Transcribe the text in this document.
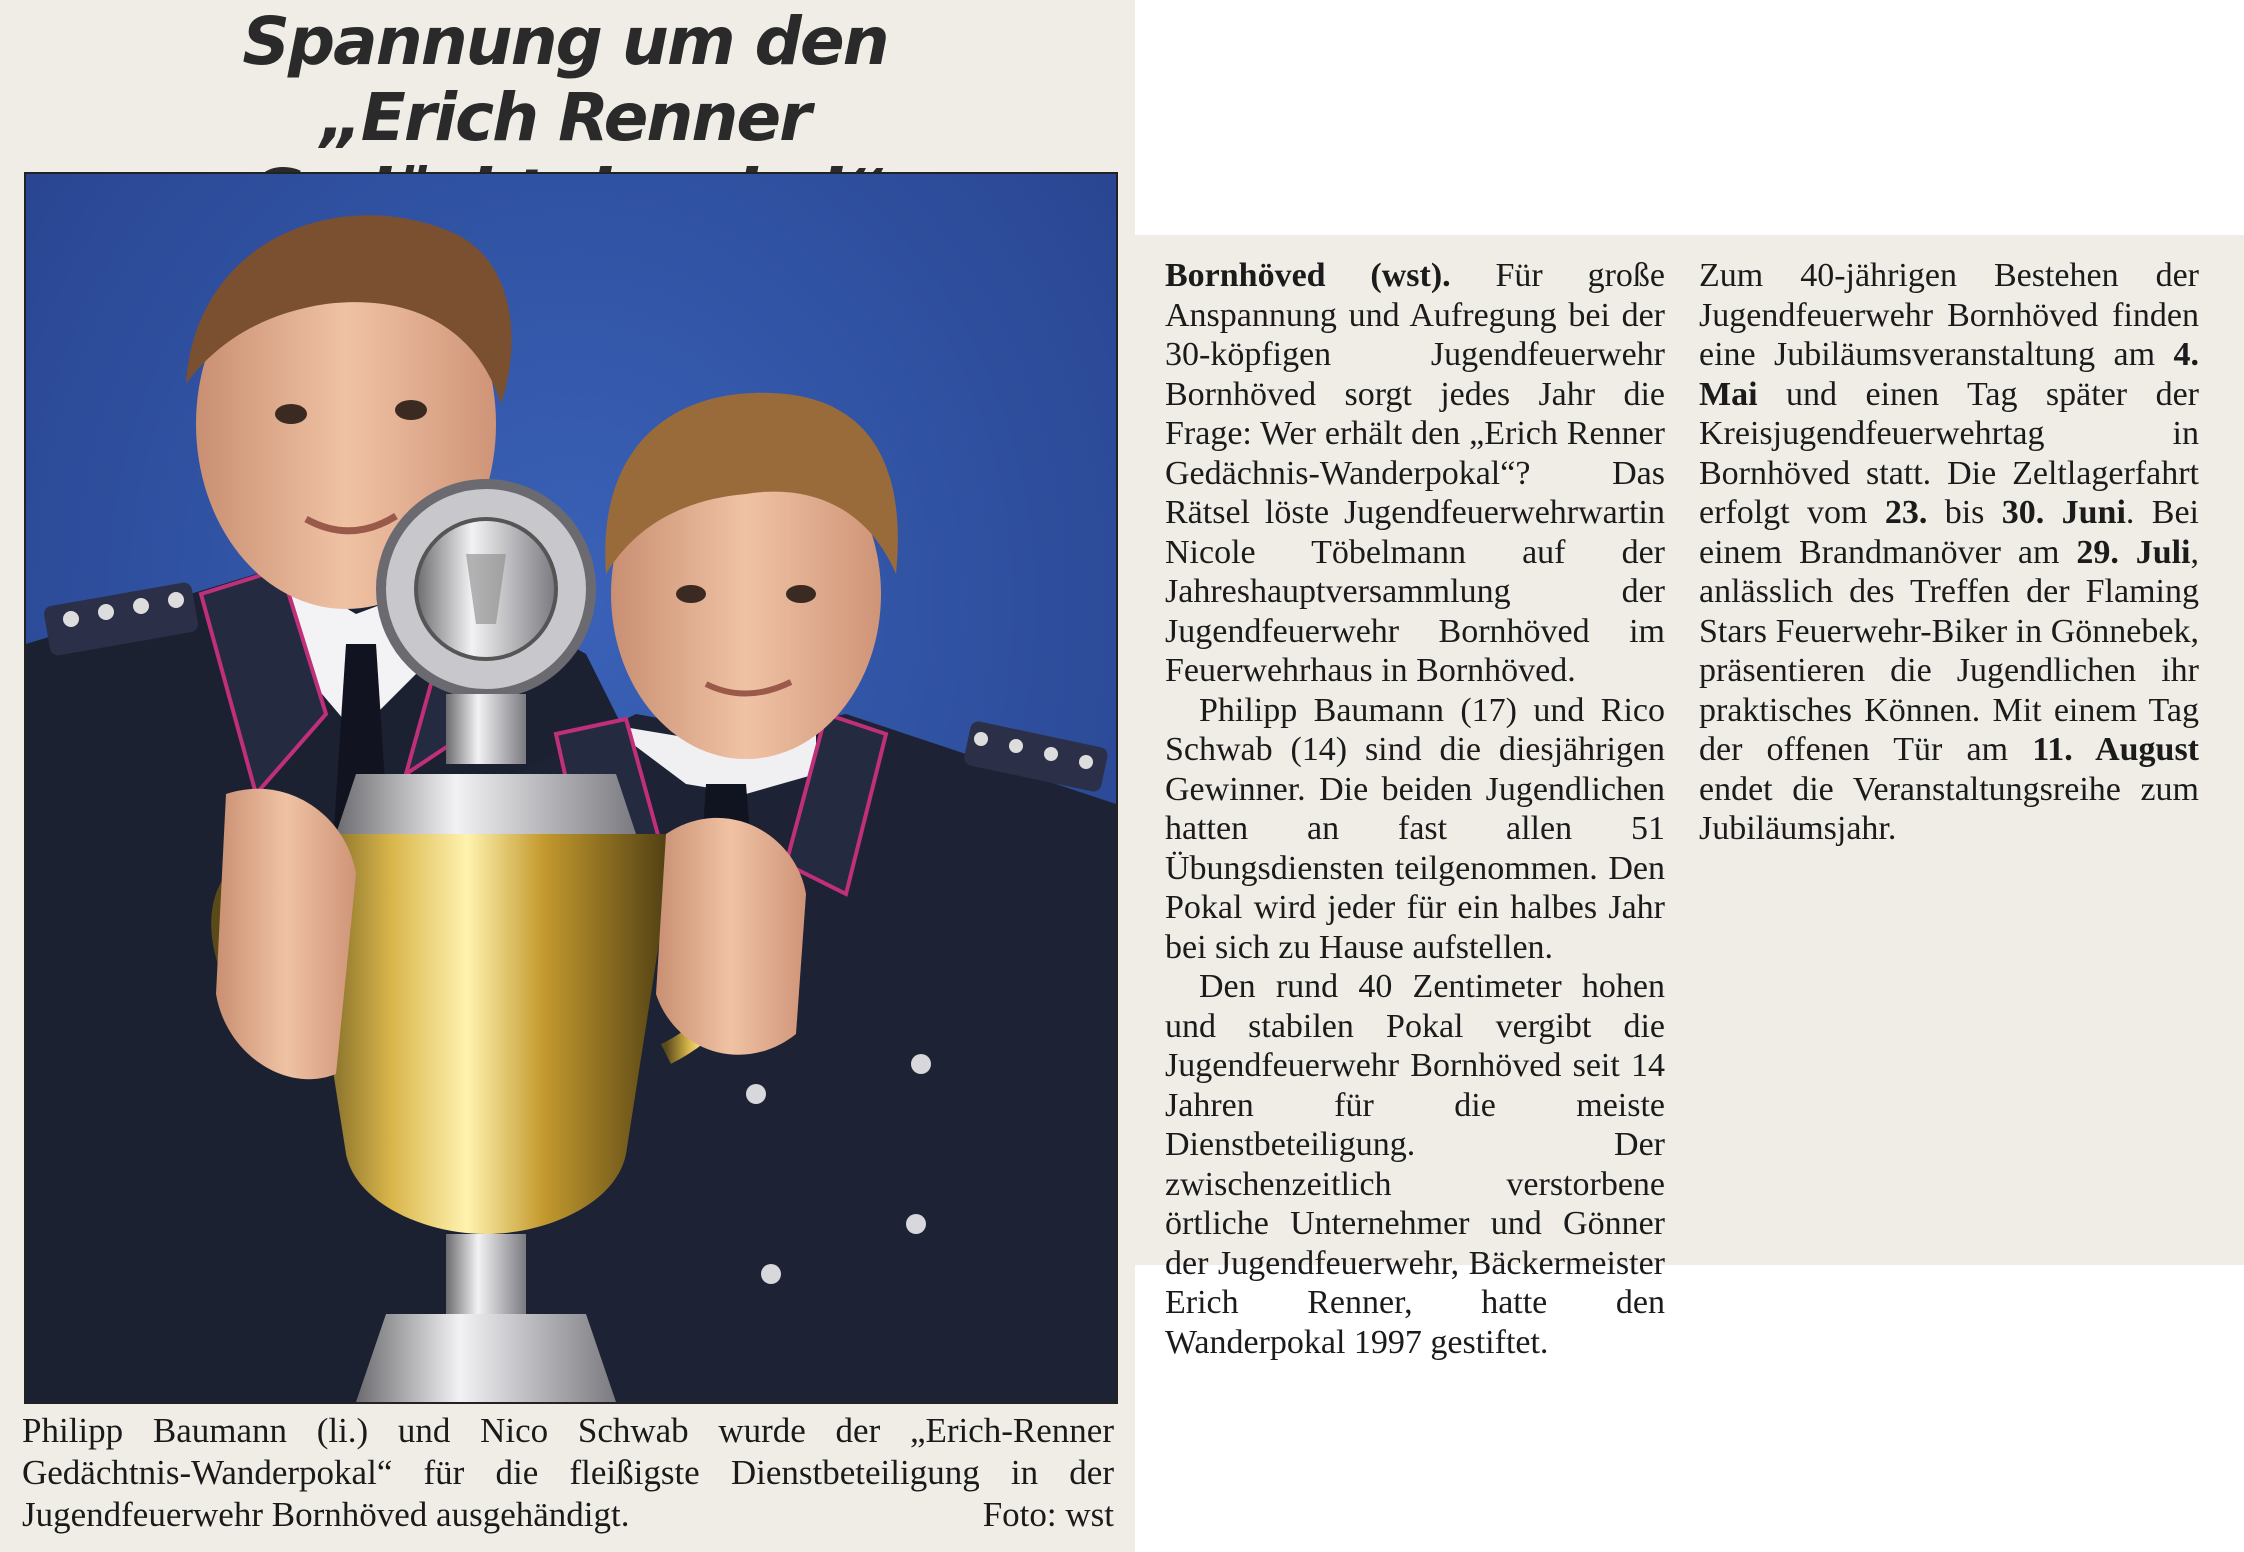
Spannung um den
„Erich Renner
Philipp Baumann (li.) und Nico Schwab wurde der „Erich-Renner Gedächtnis-Wanderpokal“ für die fleißigste Dienstbeteiligung in der Jugendfeuerwehr Bornhöved ausgehändigt.	Foto: wst

Bornhöved (wst). Für große Anspannung und Aufregung bei der 30-köpfigen Jugendfeuerwehr Bornhöved sorgt jedes Jahr die Frage: Wer erhält den „Erich Renner Gedächnis-Wanderpokal“? Das Rätsel löste Jugendfeuerwehrwartin Nicole Töbelmann auf der Jahreshauptversammlung der Jugendfeuerwehr Bornhöved im Feuerwehrhaus in Bornhöved.

Philipp Baumann (17) und Rico Schwab (14) sind die diesjährigen Gewinner. Die beiden Jugendlichen hatten an fast allen 51 Übungsdiensten teilgenommen. Den Pokal wird jeder für ein halbes Jahr bei sich zu Hause aufstellen.

Den rund 40 Zentimeter hohen und stabilen Pokal vergibt die Jugendfeuerwehr Bornhöved seit 14 Jahren für die meiste Dienstbeteiligung. Der zwischenzeitlich verstorbene örtliche Unternehmer und Gönner der Jugendfeuerwehr, Bäckermeister Erich Renner, hatte den Wanderpokal 1997 gestiftet.

Zum 40-jährigen Bestehen der Jugendfeuerwehr Bornhöved finden eine Jubiläumsveranstaltung am 4. Mai und einen Tag später der Kreisjugendfeuerwehrtag in Bornhöved statt. Die Zeltlagerfahrt erfolgt vom 23. bis 30. Juni. Bei einem Brandmanöver am 29. Juli, anlässlich des Treffen der Flaming Stars Feuerwehr-Biker in Gönnebek, präsentieren die Jugendlichen ihr praktisches Können. Mit einem Tag der offenen Tür am 11. August endet die Veranstaltungsreihe zum Jubiläumsjahr.
